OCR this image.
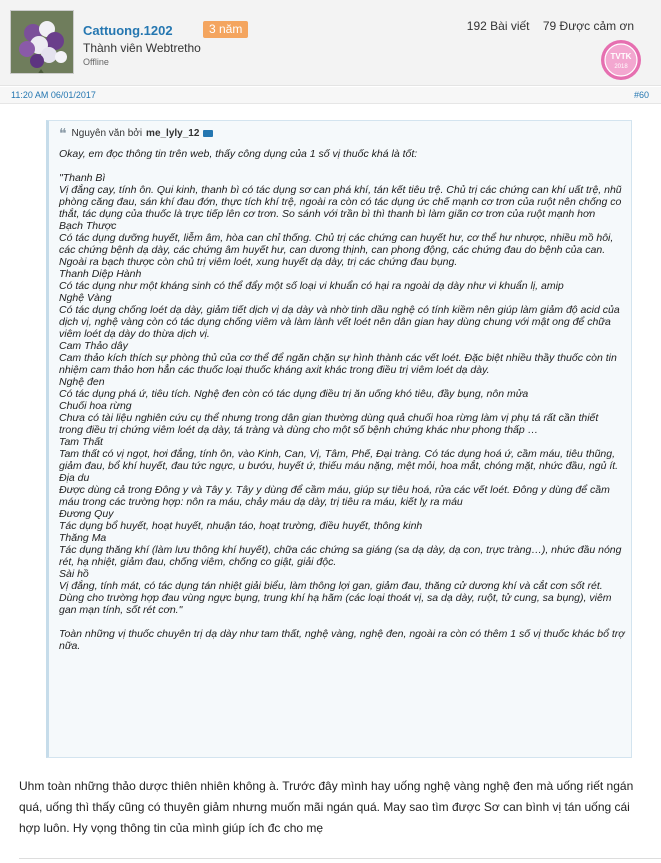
Cattuong.1202	3 năm
Thành viên Webtretho
Offline
192 Bài viết 79 Được cảm ơn
TVTK
2018
11:20 AM 06/01/2017	#60
❝ Nguyên văn bởi me_lyly_12

Okay, em đọc thông tin trên web, thấy công dụng của 1 số vị thuốc khá là tốt:

"Thanh Bì

Vị đắng cay, tính ôn. Qui kinh, thanh bì có tác dụng sơ can phá khí, tán kết tiêu trệ. Chủ trị các chứng can khí uất trệ, nhũ phòng căng đau, sán khí đau đớn, thực tích khí trệ, ngoài ra còn có tác dụng ức chế mạnh cơ trơn của ruột nên chống co thắt, tác dụng của thuốc là trực tiếp lên cơ trơn. So sánh với trần bì thì thanh bì làm giãn cơ trơn của ruột mạnh hơn

Bạch Thược

Có tác dụng dưỡng huyết, liễm âm, hòa can chỉ thống. Chủ trị các chứng can huyết hư, cơ thể hư nhược, nhiều mồ hôi, các chứng bệnh dạ dày, các chứng âm huyết hư, can dương thịnh, can phong động, các chứng đau do bệnh của can. Ngoài ra bạch thược còn chủ trị viêm loét, xung huyết dạ dày, trị các chứng đau bụng.

Thanh Diệp Hành

Có tác dụng như một kháng sinh có thể đẩy một số loại vi khuẩn có hại ra ngoài dạ dày như vi khuẩn lị, amip

Nghệ Vàng

Có tác dụng chống loét dạ dày, giảm tiết dịch vị dạ dày và nhờ tinh dầu nghệ có tính kiềm nên giúp làm giảm độ acid của dịch vị, nghệ vàng còn có tác dụng chống viêm và làm lành vết loét nên dân gian hay dùng chung với mật ong để chữa viêm loét dạ dày do thừa dịch vị.

Cam Thảo dây

Cam thảo kích thích sự phòng thủ của cơ thể để ngăn chặn sự hình thành các vết loét. Đặc biệt nhiều thầy thuốc còn tin nhiệm cam thảo hơn hẳn các thuốc loại thuốc kháng axit khác trong điều trị viêm loét dạ dày.

Nghệ đen

Có tác dụng phá ứ, tiêu tích. Nghệ đen còn có tác dụng điều trị ăn uống khó tiêu, đầy bụng, nôn mửa

Chuối hoa rừng

Chưa có tài liệu nghiên cứu cụ thể nhưng trong dân gian thường dùng quả chuối hoa rừng làm vị phụ tá rất cần thiết trong điều trị chứng viêm loét dạ dày, tá tràng và dùng cho một số bệnh chứng khác như phong thấp …

Tam Thất

Tam thất có vị ngọt, hơi đắng, tính ôn, vào Kinh, Can, Vị, Tâm, Phế, Đại tràng. Có tác dụng hoá ứ, cầm máu, tiêu thũng, giảm đau, bổ khí huyết, đau tức ngực, u bướu, huyết ứ, thiếu máu nặng, mệt mỏi, hoa mắt, chóng mặt, nhức đầu, ngủ ít.

Địa du

Được dùng cả trong Đông y và Tây y. Tây y dùng để cầm máu, giúp sự tiêu hoá, rửa các vết loét. Đông y dùng để cầm máu trong các trường hợp: nôn ra máu, chảy máu dạ dày, trị tiêu ra máu, kiết lỵ ra máu

Đương Quy

Tác dụng bổ huyết, hoạt huyết, nhuận táo, hoạt trường, điều huyết, thông kinh

Thăng Ma

Tác dụng thăng khí (làm lưu thông khí huyết), chữa các chứng sa giáng (sa dạ dày, dạ con, trực tràng…), nhức đầu nóng rét, hạ nhiệt, giảm đau, chống viêm, chống co giật, giải độc.

Sài hồ

Vị đắng, tính mát, có tác dụng tán nhiệt giải biểu, làm thông lợi gan, giảm đau, thăng cử dương khí và cắt cơn sốt rét. Dùng cho trường hợp đau vùng ngực bụng, trung khí hạ hãm (các loại thoát vị, sa dạ dày, ruột, tử cung, sa bụng), viêm gan mạn tính, sốt rét cơn."

Toàn những vị thuốc chuyên trị dạ dày như tam thất, nghệ vàng, nghệ đen, ngoài ra còn có thêm 1 số vị thuốc khác bổ trợ nữa.

Uhm toàn những thảo dược thiên nhiên không à. Trước đây mình hay uống nghệ vàng nghệ đen mà uống riết ngán quá, uống thì thấy cũng có thuyên giảm nhưng muốn mãi ngán quá. May sao tìm được Sơ can bình vị tán uống cái hợp luôn. Hy vọng thông tin của mình giúp ích đc cho mẹ
